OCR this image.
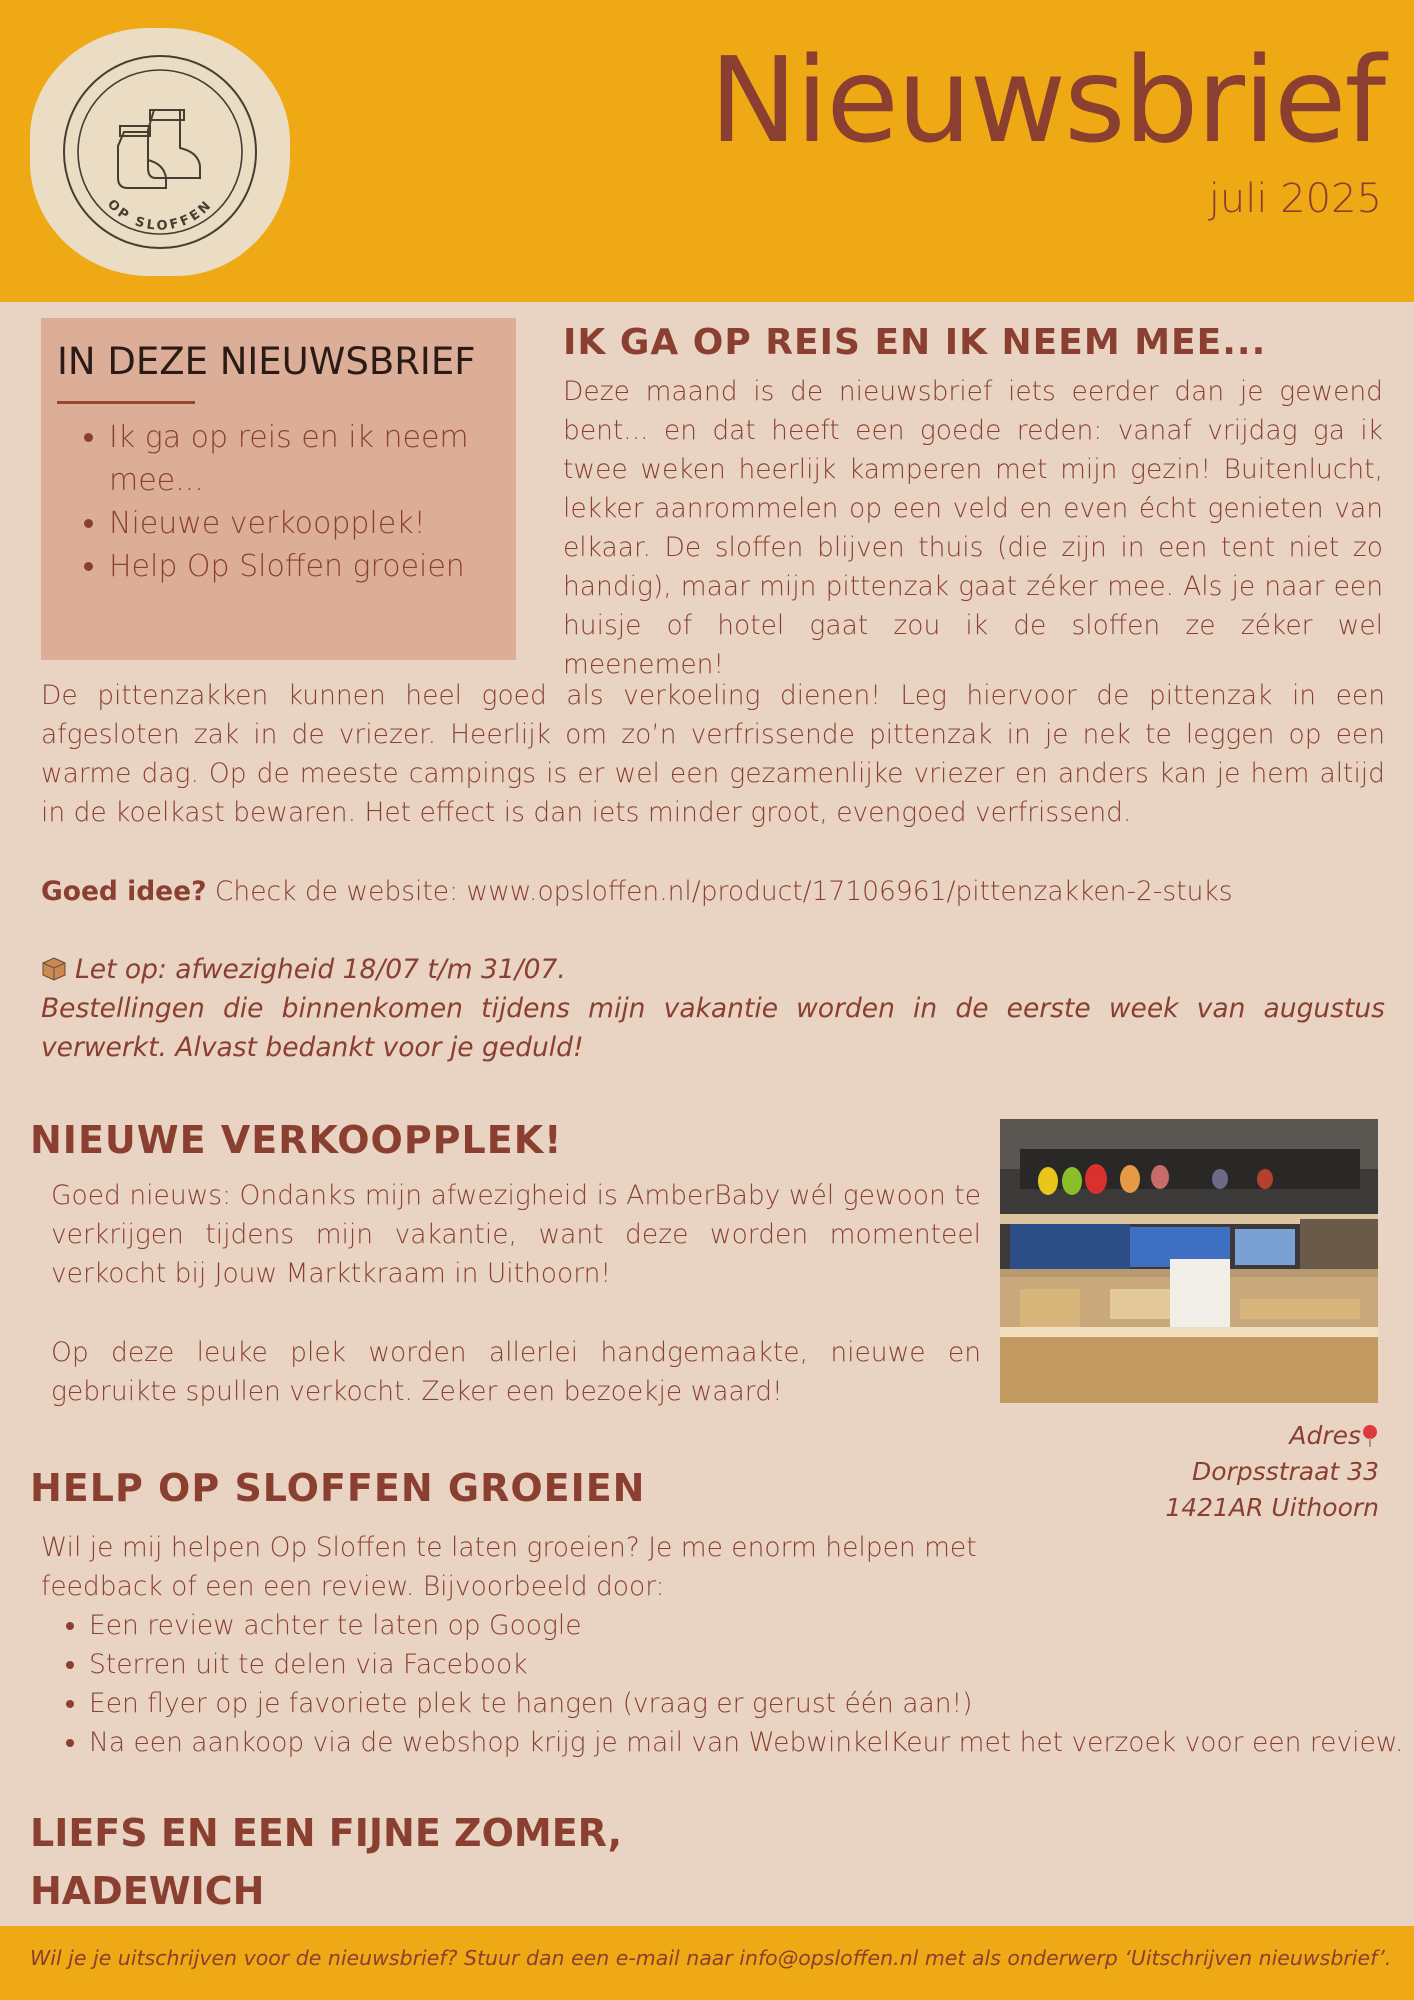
OP SLOFFEN
Nieuwsbrief
juli 2025
IN DEZE NIEUWSBRIEF
• Ik ga op reis en ik neem mee...
• Nieuwe verkoopplek!
• Help Op Sloffen groeien
IK GA OP REIS EN IK NEEM MEE...

Deze maand is de nieuwsbrief iets eerder dan je gewend bent... en dat heeft een goede reden: vanaf vrijdag ga ik twee weken heerlijk kamperen met mijn gezin! Buitenlucht, lekker aanrommelen op een veld en even écht genieten van elkaar. De sloffen blijven thuis (die zijn in een tent niet zo handig), maar mijn pittenzak gaat zéker mee. Als je naar een huisje of hotel gaat zou ik de sloffen ze zéker wel meenemen!

De pittenzakken kunnen heel goed als verkoeling dienen! Leg hiervoor de pittenzak in een afgesloten zak in de vriezer. Heerlijk om zo’n verfrissende pittenzak in je nek te leggen op een warme dag. Op de meeste campings is er wel een gezamenlijke vriezer en anders kan je hem altijd in de koelkast bewaren. Het effect is dan iets minder groot, evengoed verfrissend.

Goed idee? Check de website: www.opsloffen.nl/product/17106961/pittenzakken-2-stuks

Let op: afwezigheid 18/07 t/m 31/07.
Bestellingen die binnenkomen tijdens mijn vakantie worden in de eerste week van augustus verwerkt. Alvast bedankt voor je geduld!
NIEUWE VERKOOPPLEK!

Goed nieuws: Ondanks mijn afwezigheid is AmberBaby wél gewoon te verkrijgen tijdens mijn vakantie, want deze worden momenteel verkocht bij Jouw Marktkraam in Uithoorn!

Op deze leuke plek worden allerlei handgemaakte, nieuwe en gebruikte spullen verkocht. Zeker een bezoekje waard!

Adres
Dorpsstraat 33
1421AR Uithoorn
HELP OP SLOFFEN GROEIEN

Wil je mij helpen Op Sloffen te laten groeien? Je me enorm helpen met feedback of een een review. Bijvoorbeeld door:

• Een review achter te laten op Google
• Sterren uit te delen via Facebook
• Een flyer op je favoriete plek te hangen (vraag er gerust één aan!)
• Na een aankoop via de webshop krijg je mail van WebwinkelKeur met het verzoek voor een review.
LIEFS EN EEN FIJNE ZOMER,
HADEWICH

Wil je je uitschrijven voor de nieuwsbrief? Stuur dan een e-mail naar info@opsloffen.nl met als onderwerp ‘Uitschrijven nieuwsbrief’.
